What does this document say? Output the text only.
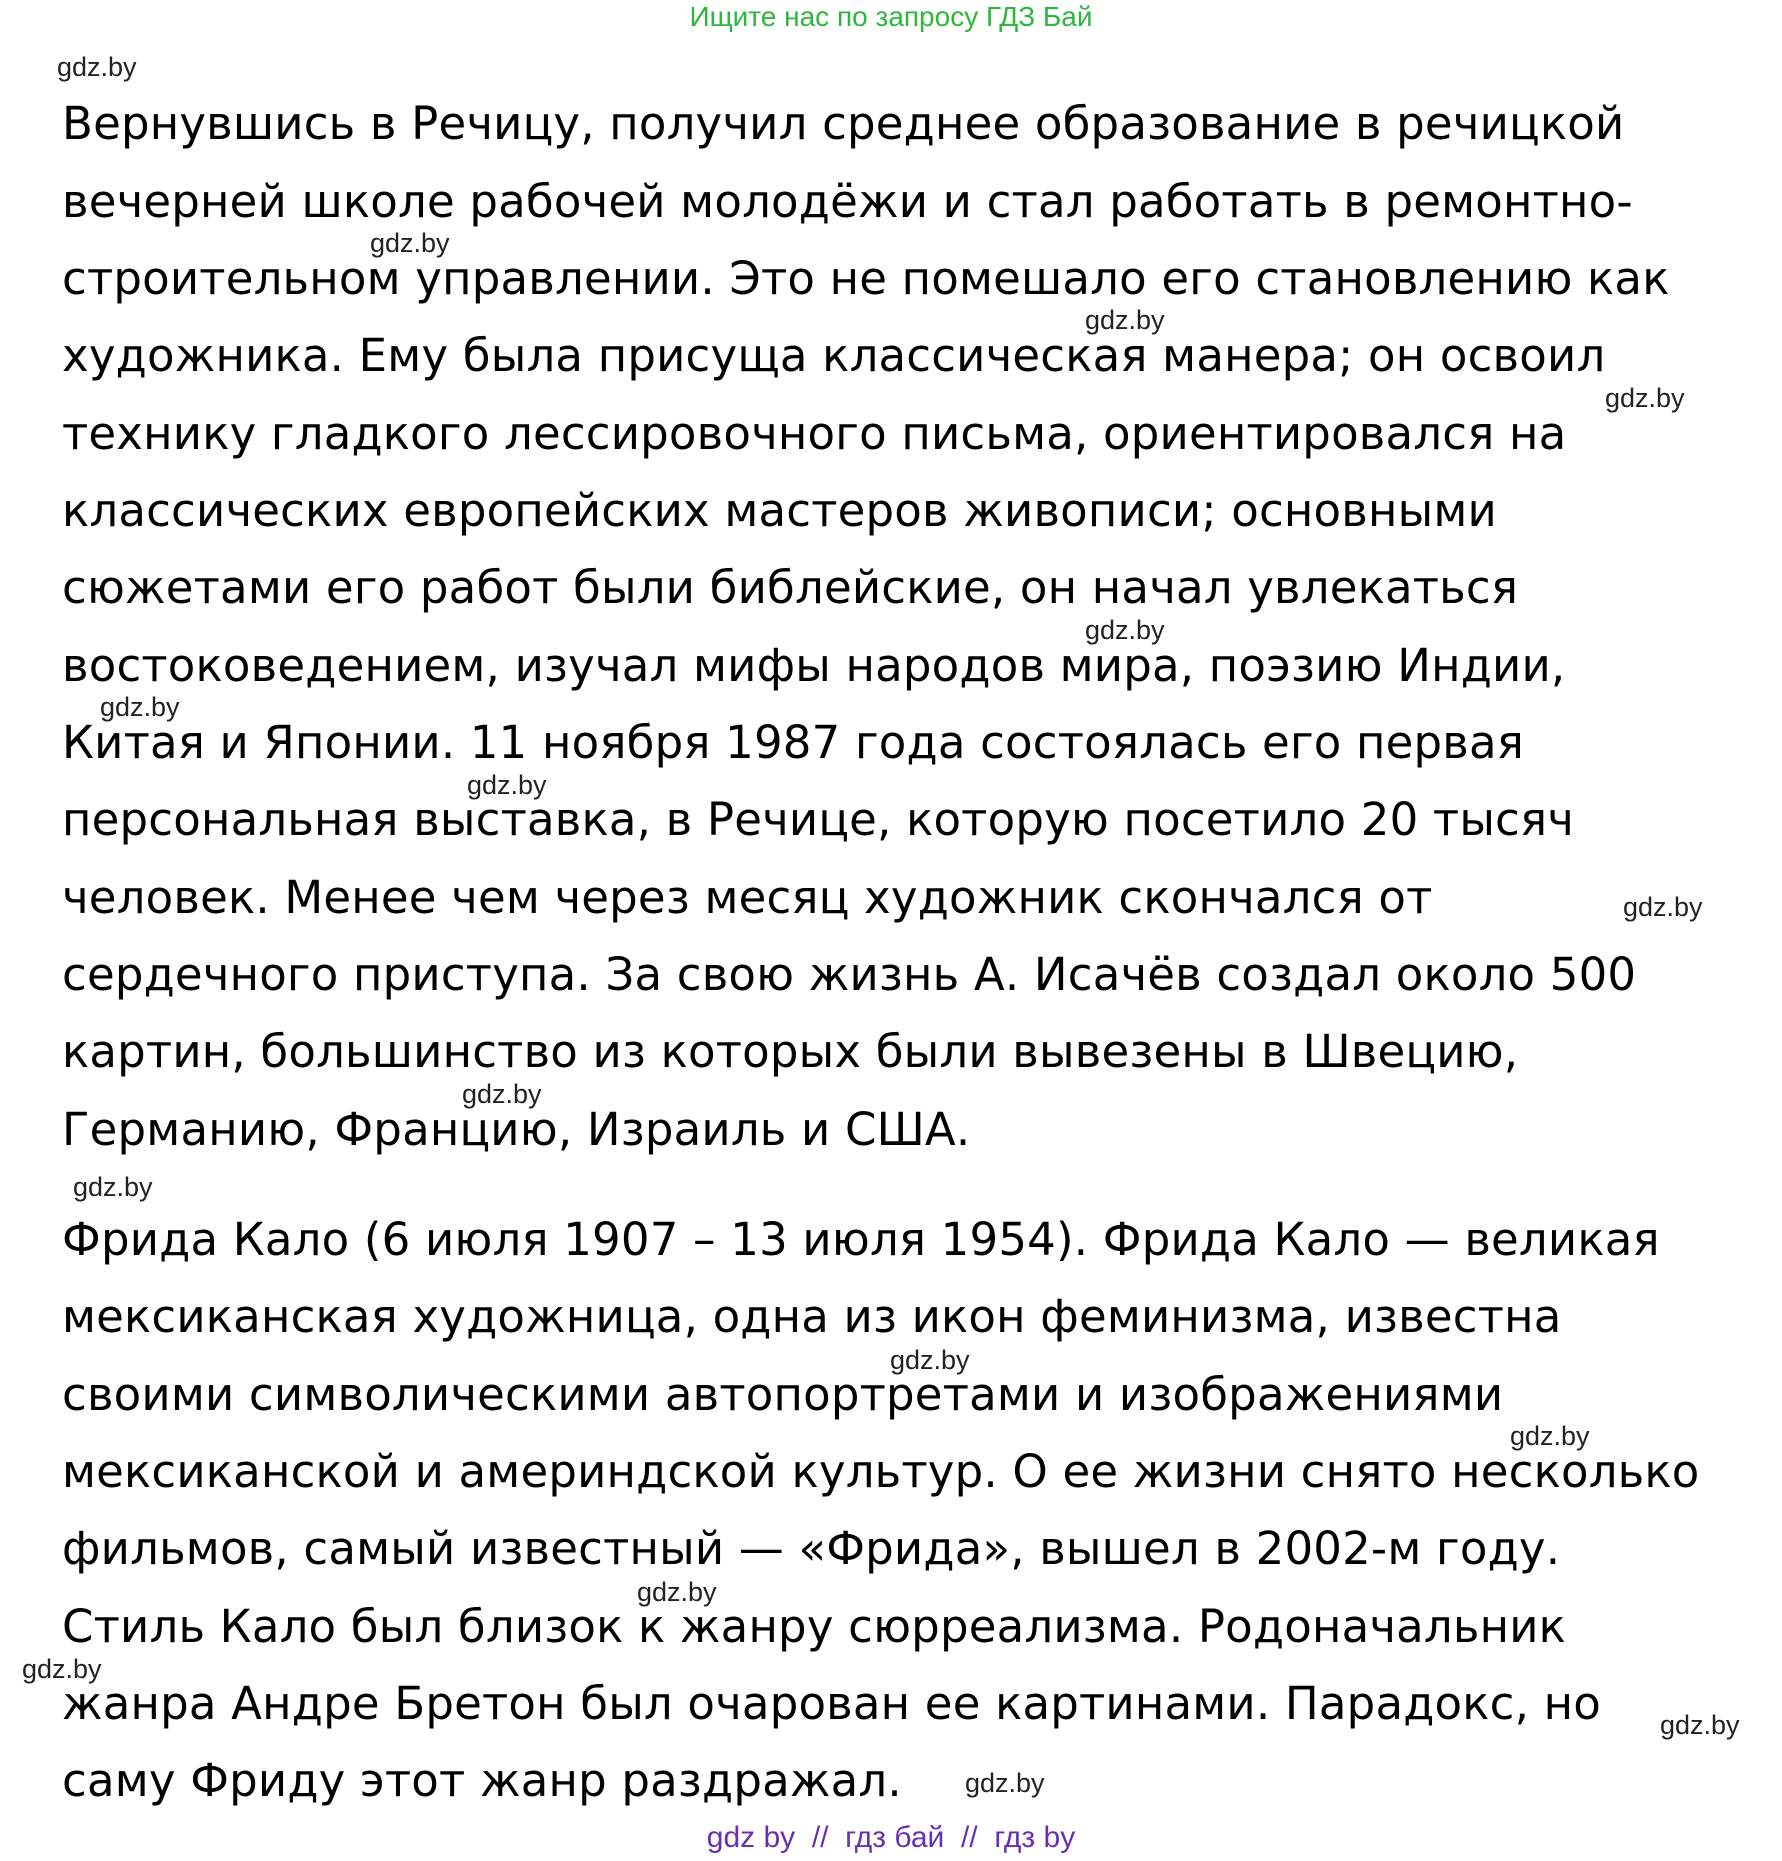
Ищите нас по запросу ГДЗ Бай
Вернувшись в Речицу, получил среднее образование в речицкой
вечерней школе рабочей молодёжи и стал работать в ремонтно-
строительном управлении. Это не помешало его становлению как
художника. Ему была присуща классическая манера; он освоил
технику гладкого лессировочного письма, ориентировался на
классических европейских мастеров живописи; основными
сюжетами его работ были библейские, он начал увлекаться
востоковедением, изучал мифы народов мира, поэзию Индии,
Китая и Японии. 11 ноября 1987 года состоялась его первая
персональная выставка, в Речице, которую посетило 20 тысяч
человек. Менее чем через месяц художник скончался от
сердечного приступа. За свою жизнь А. Исачёв создал около 500
картин, большинство из которых были вывезены в Швецию,
Германию, Францию, Израиль и США.
Фрида Кало (6 июля 1907 – 13 июля 1954). Фрида Кало — великая
мексиканская художница, одна из икон феминизма, известна
своими символическими автопортретами и изображениями
мексиканской и америндской культур. О ее жизни снято несколько
фильмов, самый известный — «Фрида», вышел в 2002-м году.
Стиль Кало был близок к жанру сюрреализма. Родоначальник
жанра Андре Бретон был очарован ее картинами. Парадокс, но
саму Фриду этот жанр раздражал.
gdz.by
gdz.by
gdz.by
gdz.by
gdz.by
gdz.by
gdz.by
gdz.by
gdz.by
gdz.by
gdz.by
gdz.by
gdz.by
gdz.by
gdz.by
gdz.by
gdz by  //  гдз бай  //  гдз by
